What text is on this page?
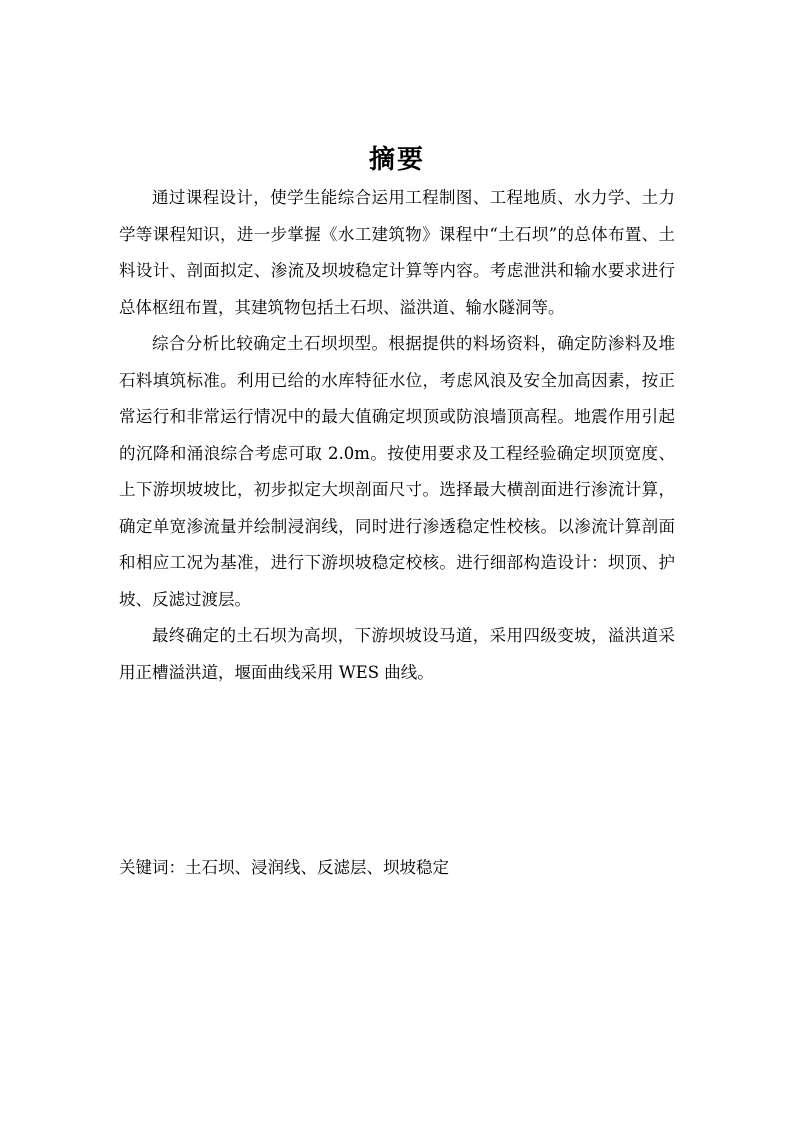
摘要

通过课程设计，使学生能综合运用工程制图、工程地质、水力学、土力学等课程知识，进一步掌握《水工建筑物》课程中“土石坝”的总体布置、土料设计、剖面拟定、渗流及坝坡稳定计算等内容。考虑泄洪和输水要求进行总体枢纽布置，其建筑物包括土石坝、溢洪道、输水隧洞等。

综合分析比较确定土石坝坝型。根据提供的料场资料，确定防渗料及堆石料填筑标准。利用已给的水库特征水位，考虑风浪及安全加高因素，按正常运行和非常运行情况中的最大值确定坝顶或防浪墙顶高程。地震作用引起的沉降和涌浪综合考虑可取 2.0m。按使用要求及工程经验确定坝顶宽度、上下游坝坡坡比，初步拟定大坝剖面尺寸。选择最大横剖面进行渗流计算，确定单宽渗流量并绘制浸润线，同时进行渗透稳定性校核。以渗流计算剖面和相应工况为基准，进行下游坝坡稳定校核。进行细部构造设计：坝顶、护坡、反滤过渡层。

最终确定的土石坝为高坝，下游坝坡设马道，采用四级变坡，溢洪道采用正槽溢洪道，堰面曲线采用 WES 曲线。

关键词：土石坝、浸润线、反滤层、坝坡稳定
